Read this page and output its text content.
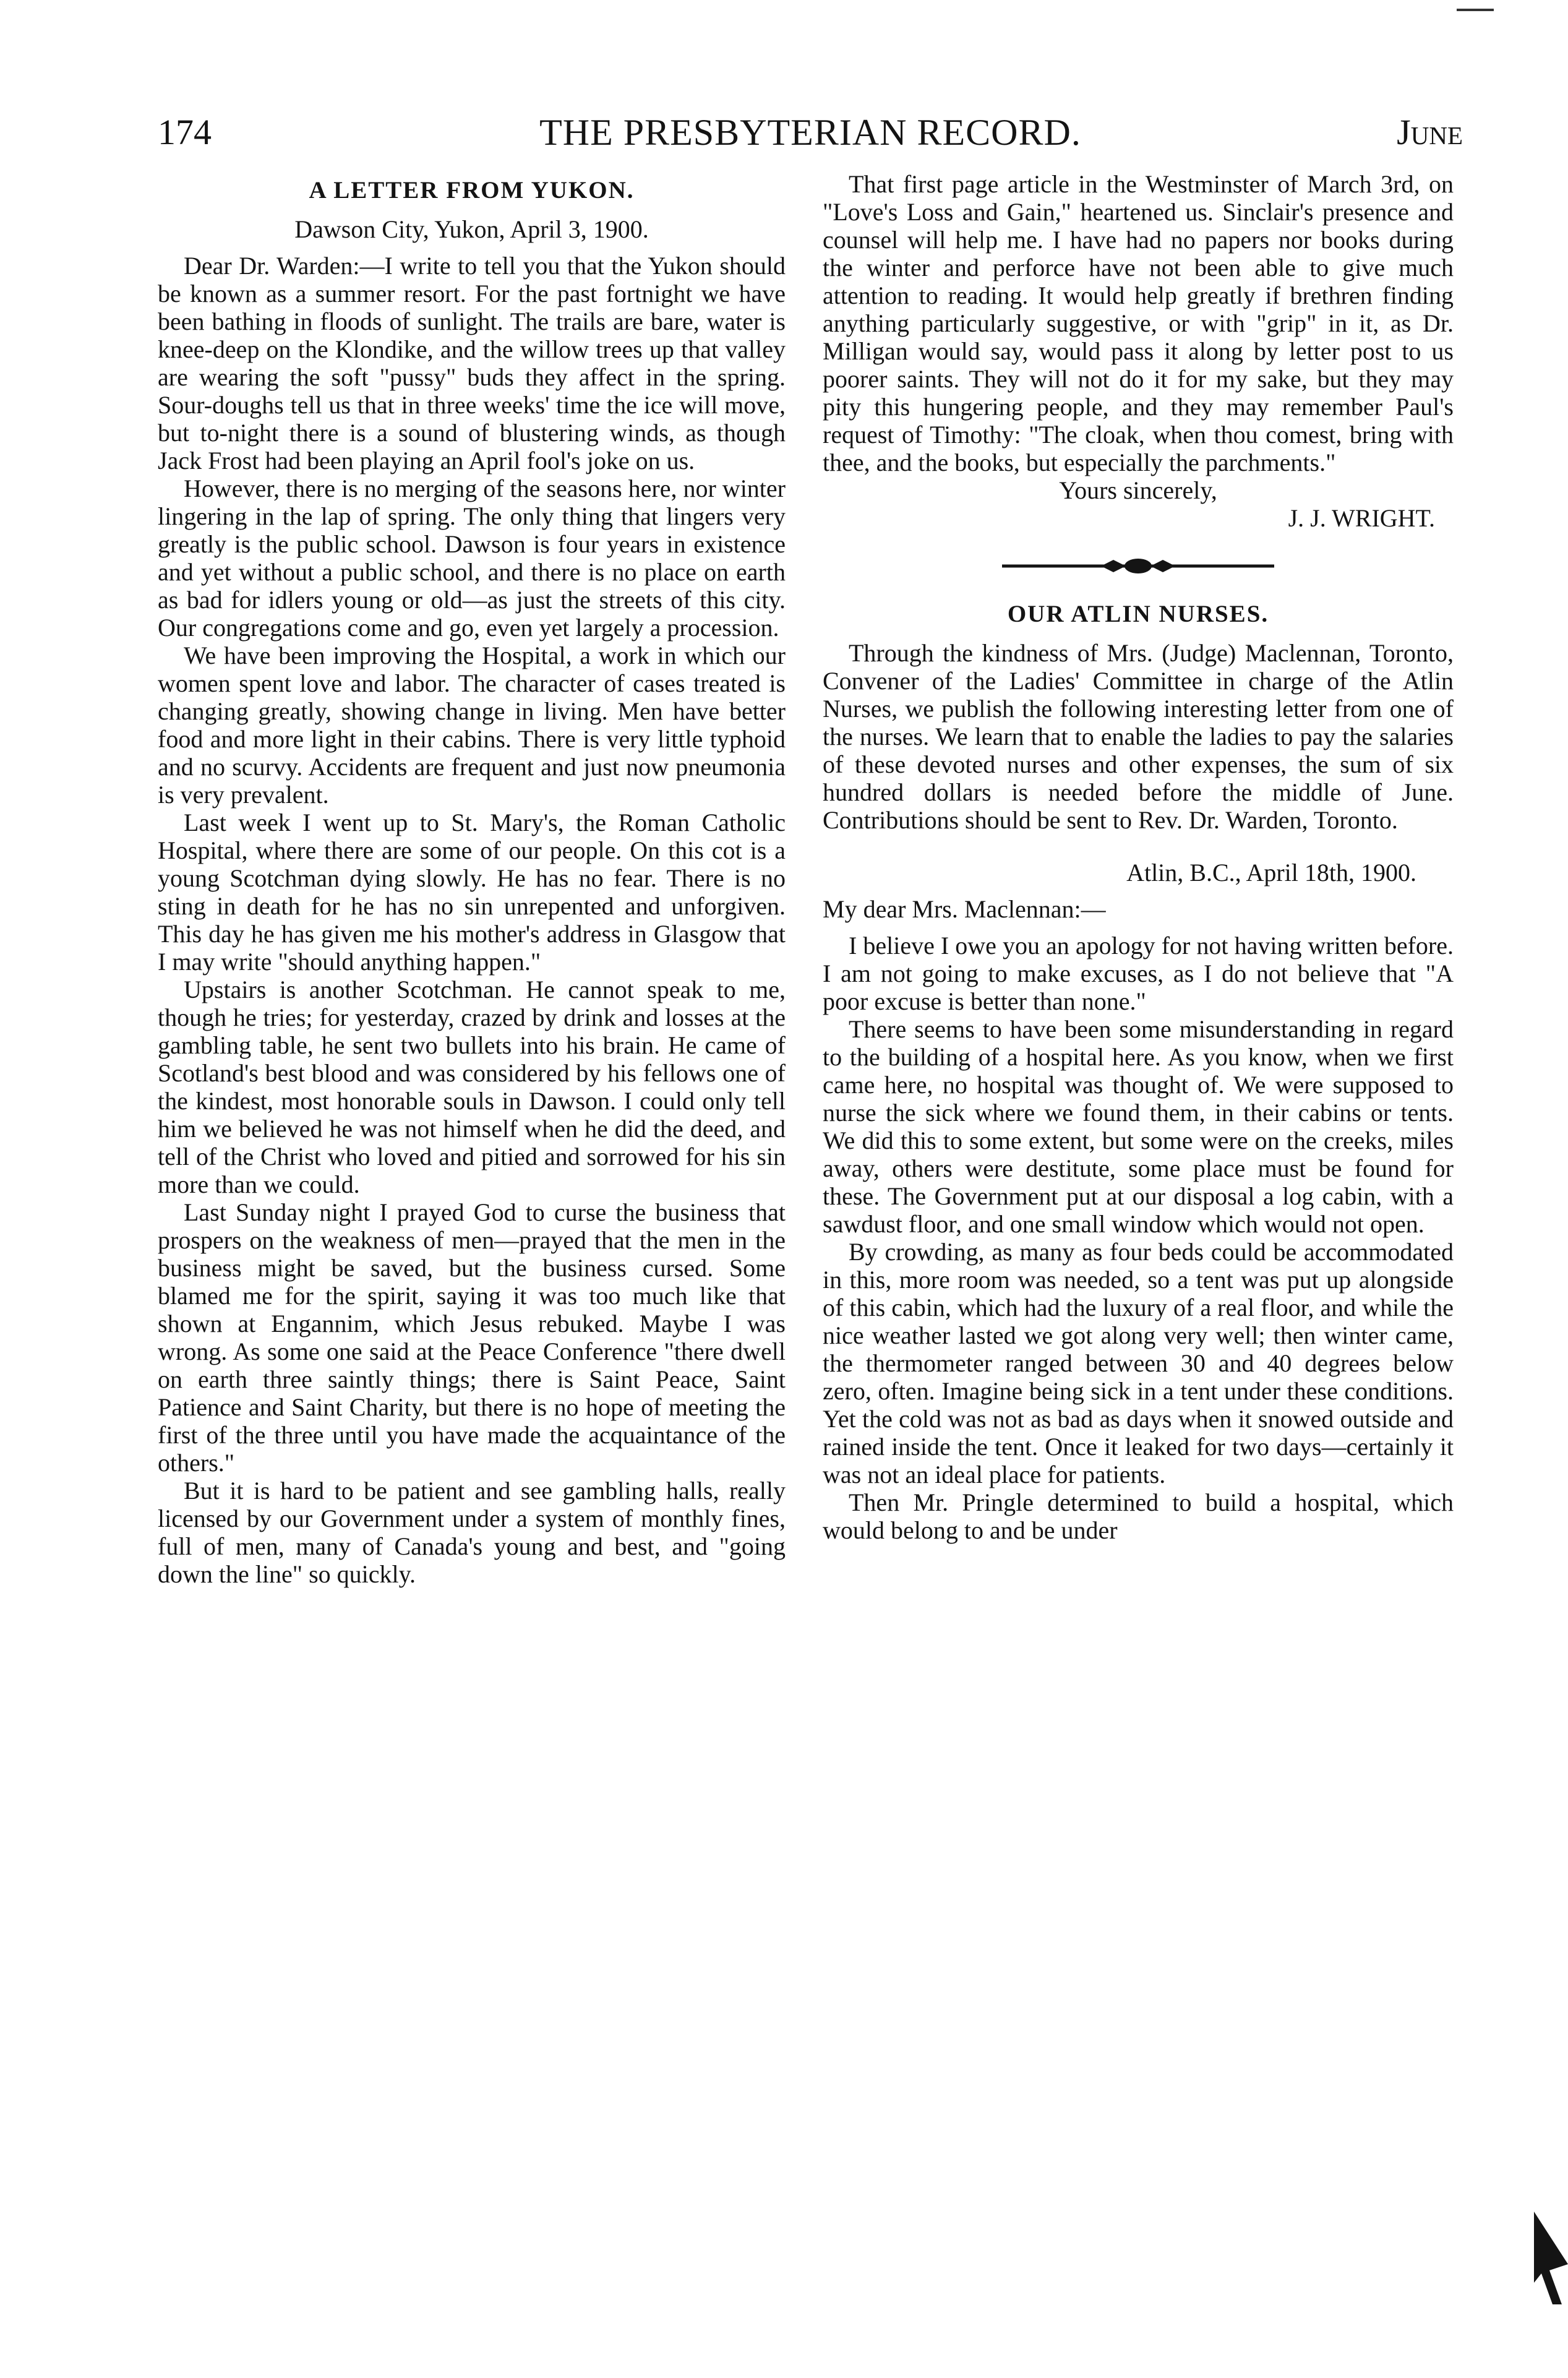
174	THE PRESBYTERIAN RECORD.	June
A LETTER FROM YUKON.
Dawson City, Yukon, April 3, 1900.

Dear Dr. Warden:—I write to tell you that the Yukon should be known as a summer resort. For the past fortnight we have been bathing in floods of sunlight. The trails are bare, water is knee-deep on the Klondike, and the willow trees up that valley are wearing the soft "pussy" buds they affect in the spring. Sour-doughs tell us that in three weeks' time the ice will move, but to-night there is a sound of blustering winds, as though Jack Frost had been playing an April fool's joke on us.

However, there is no merging of the seasons here, nor winter lingering in the lap of spring. The only thing that lingers very greatly is the public school. Dawson is four years in existence and yet without a public school, and there is no place on earth as bad for idlers young or old—as just the streets of this city. Our congregations come and go, even yet largely a procession.

We have been improving the Hospital, a work in which our women spent love and labor. The character of cases treated is changing greatly, showing change in living. Men have better food and more light in their cabins. There is very little typhoid and no scurvy. Accidents are frequent and just now pneumonia is very prevalent.

Last week I went up to St. Mary's, the Roman Catholic Hospital, where there are some of our people. On this cot is a young Scotchman dying slowly. He has no fear. There is no sting in death for he has no sin unrepented and unforgiven. This day he has given me his mother's address in Glasgow that I may write "should anything happen."

Upstairs is another Scotchman. He cannot speak to me, though he tries; for yesterday, crazed by drink and losses at the gambling table, he sent two bullets into his brain. He came of Scotland's best blood and was considered by his fellows one of the kindest, most honorable souls in Dawson. I could only tell him we believed he was not himself when he did the deed, and tell of the Christ who loved and pitied and sorrowed for his sin more than we could.

Last Sunday night I prayed God to curse the business that prospers on the weakness of men—prayed that the men in the business might be saved, but the business cursed. Some blamed me for the spirit, saying it was too much like that shown at Engannim, which Jesus rebuked. Maybe I was wrong. As some one said at the Peace Conference "there dwell on earth three saintly things; there is Saint Peace, Saint Patience and Saint Charity, but there is no hope of meeting the first of the three until you have made the acquaintance of the others."

But it is hard to be patient and see gambling halls, really licensed by our Government under a system of monthly fines, full of men, many of Canada's young and best, and "going down the line" so quickly.

That first page article in the Westminster of March 3rd, on "Love's Loss and Gain," heartened us. Sinclair's presence and counsel will help me. I have had no papers nor books during the winter and perforce have not been able to give much attention to reading. It would help greatly if brethren finding anything particularly suggestive, or with "grip" in it, as Dr. Milligan would say, would pass it along by letter post to us poorer saints. They will not do it for my sake, but they may pity this hungering people, and they may remember Paul's request of Timothy: "The cloak, when thou comest, bring with thee, and the books, but especially the parchments."

Yours sincerely,
J. J. WRIGHT.
OUR ATLIN NURSES.

Through the kindness of Mrs. (Judge) Maclennan, Toronto, Convener of the Ladies' Committee in charge of the Atlin Nurses, we publish the following interesting letter from one of the nurses. We learn that to enable the ladies to pay the salaries of these devoted nurses and other expenses, the sum of six hundred dollars is needed before the middle of June. Contributions should be sent to Rev. Dr. Warden, Toronto.

Atlin, B.C., April 18th, 1900.

My dear Mrs. Maclennan:—

I believe I owe you an apology for not having written before. I am not going to make excuses, as I do not believe that "A poor excuse is better than none."

There seems to have been some misunderstanding in regard to the building of a hospital here. As you know, when we first came here, no hospital was thought of. We were supposed to nurse the sick where we found them, in their cabins or tents. We did this to some extent, but some were on the creeks, miles away, others were destitute, some place must be found for these. The Government put at our disposal a log cabin, with a sawdust floor, and one small window which would not open.

By crowding, as many as four beds could be accommodated in this, more room was needed, so a tent was put up alongside of this cabin, which had the luxury of a real floor, and while the nice weather lasted we got along very well; then winter came, the thermometer ranged between 30 and 40 degrees below zero, often. Imagine being sick in a tent under these conditions. Yet the cold was not as bad as days when it snowed outside and rained inside the tent. Once it leaked for two days—certainly it was not an ideal place for patients.

Then Mr. Pringle determined to build a hospital, which would belong to and be under
